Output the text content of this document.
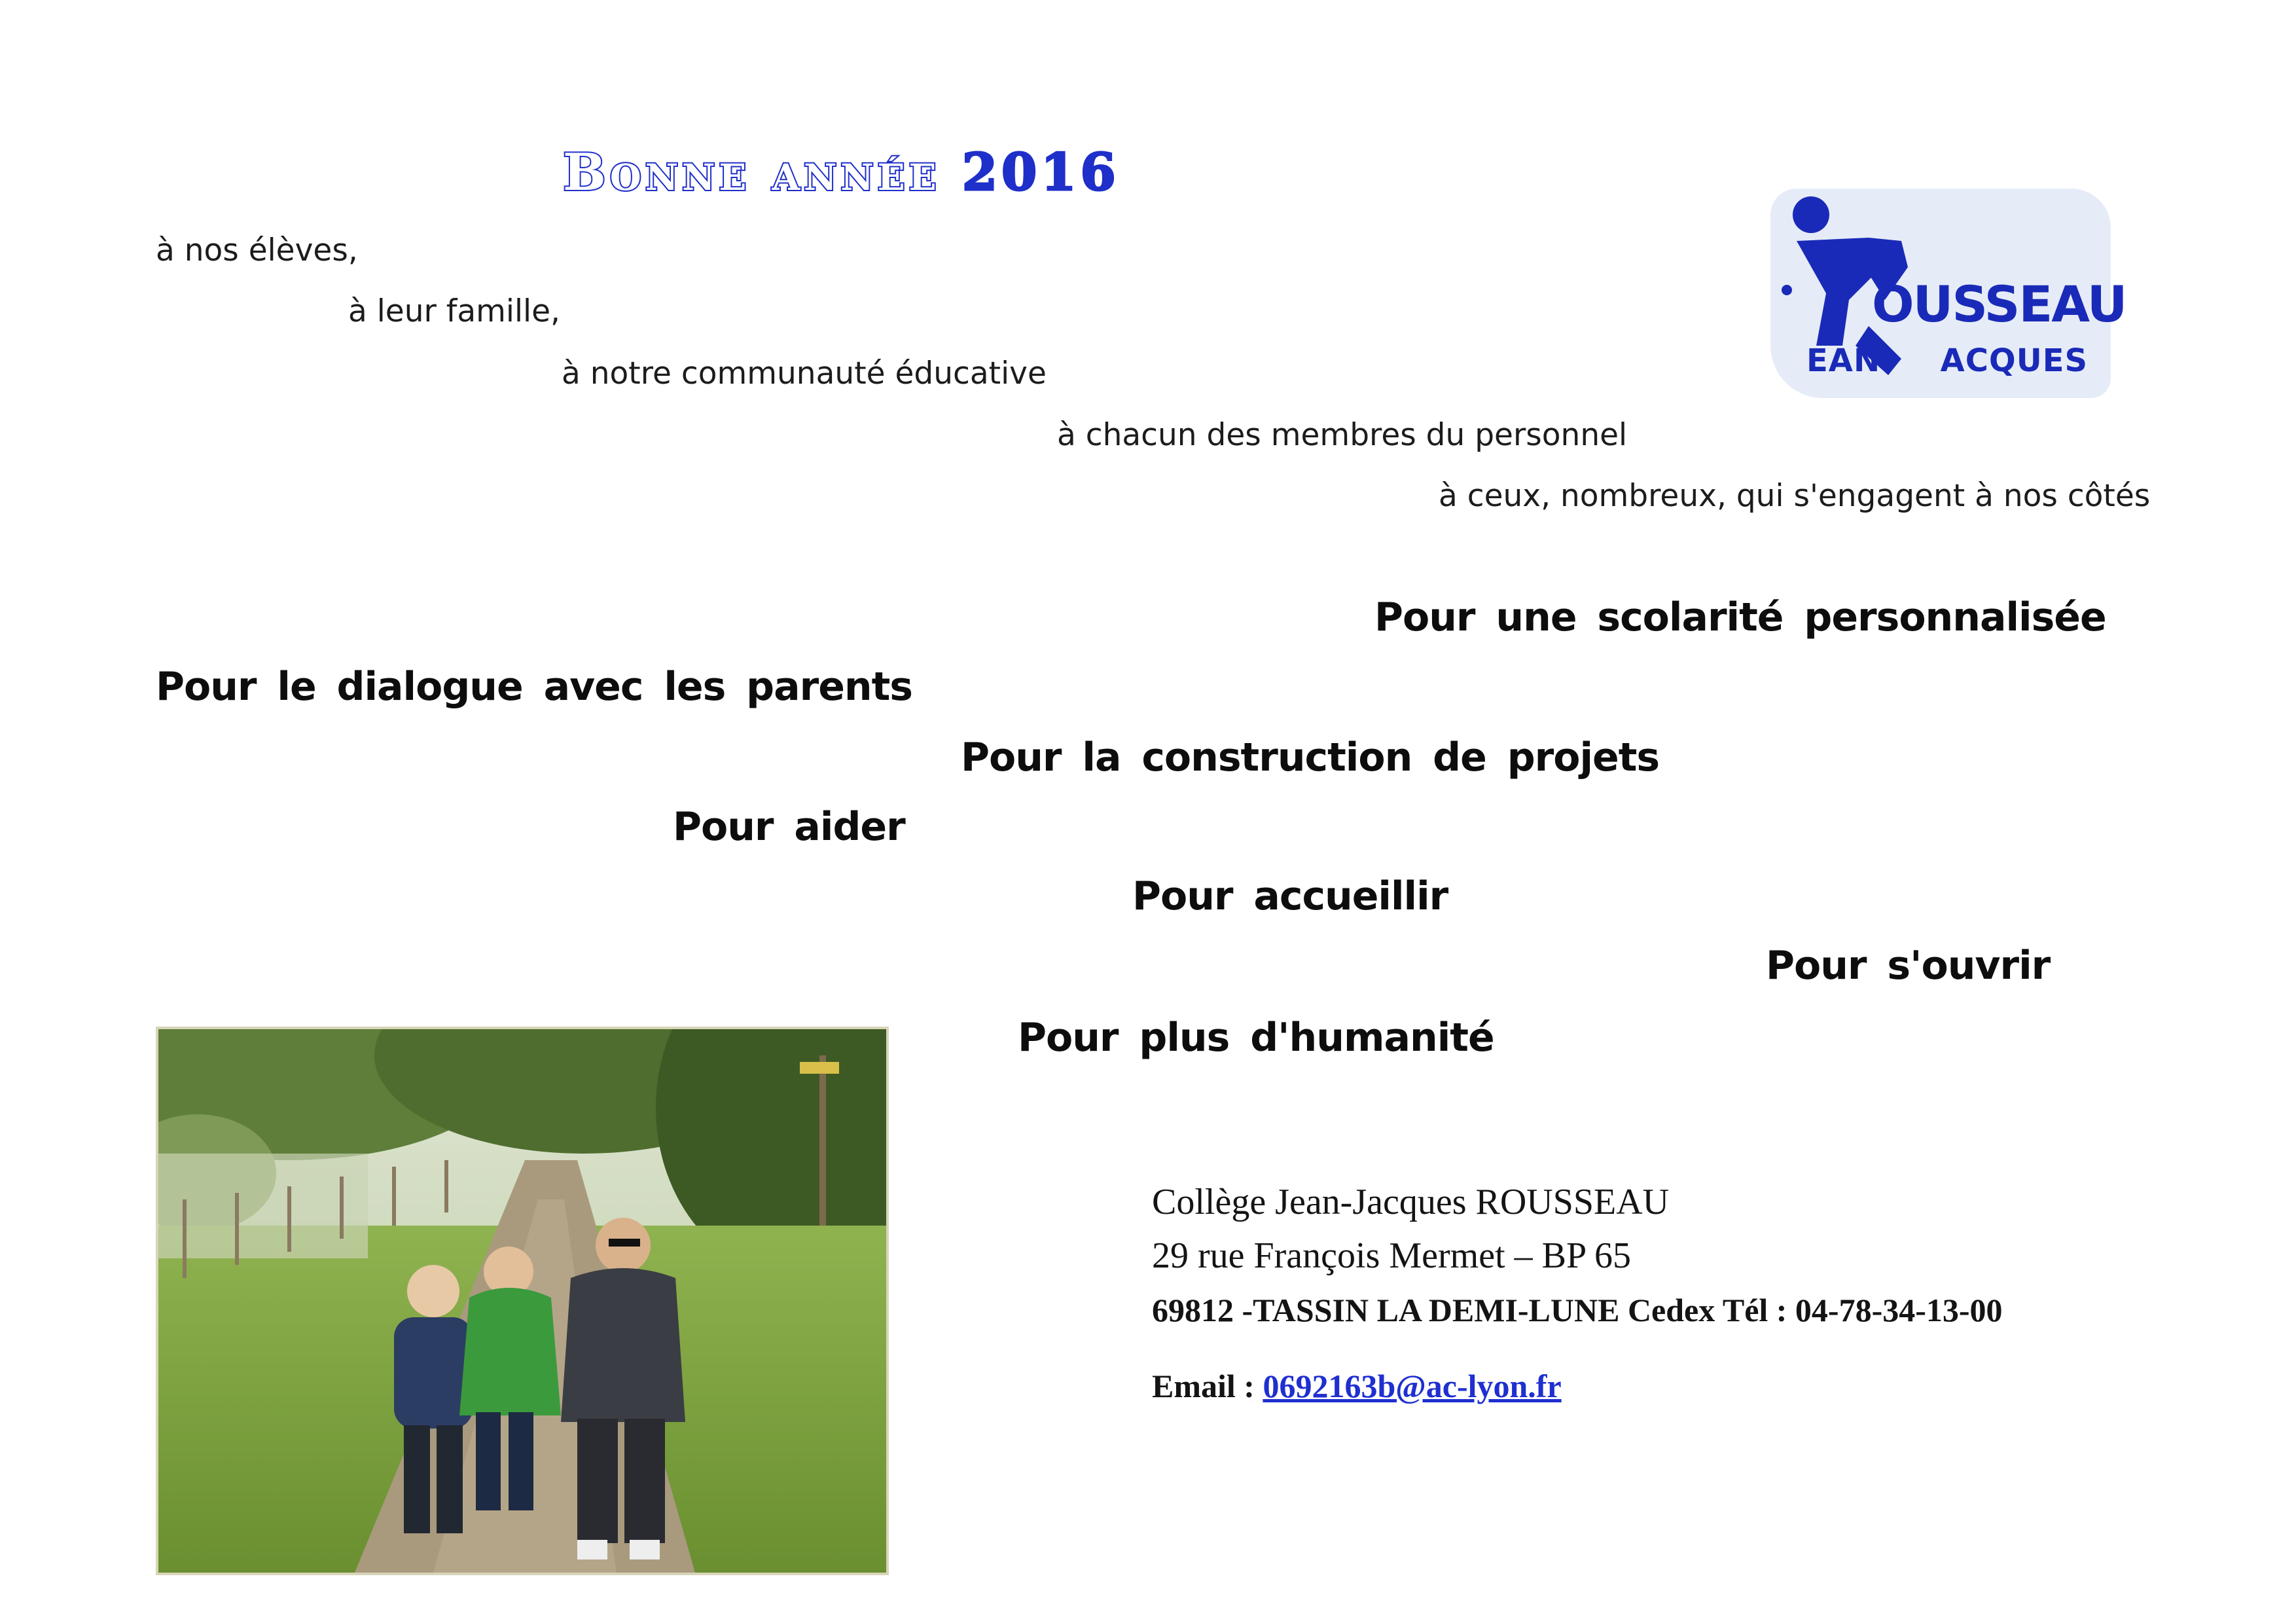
Bonne année 2016
à nos élèves,
à leur famille,
à notre communauté éducative
à chacun des membres du personnel
à ceux, nombreux, qui s'engagent à nos côtés
OUSSEAU
EAN ACQUES
Pour une scolarité personnalisée
Pour le dialogue avec les parents
Pour la construction de projets
Pour aider
Pour accueillir
Pour s'ouvrir
Pour plus d'humanité
Collège Jean-Jacques ROUSSEAU
29 rue François Mermet – BP 65
69812 -TASSIN LA DEMI-LUNE Cedex Tél : 04-78-34-13-00
Email : 0692163b@ac-lyon.fr
